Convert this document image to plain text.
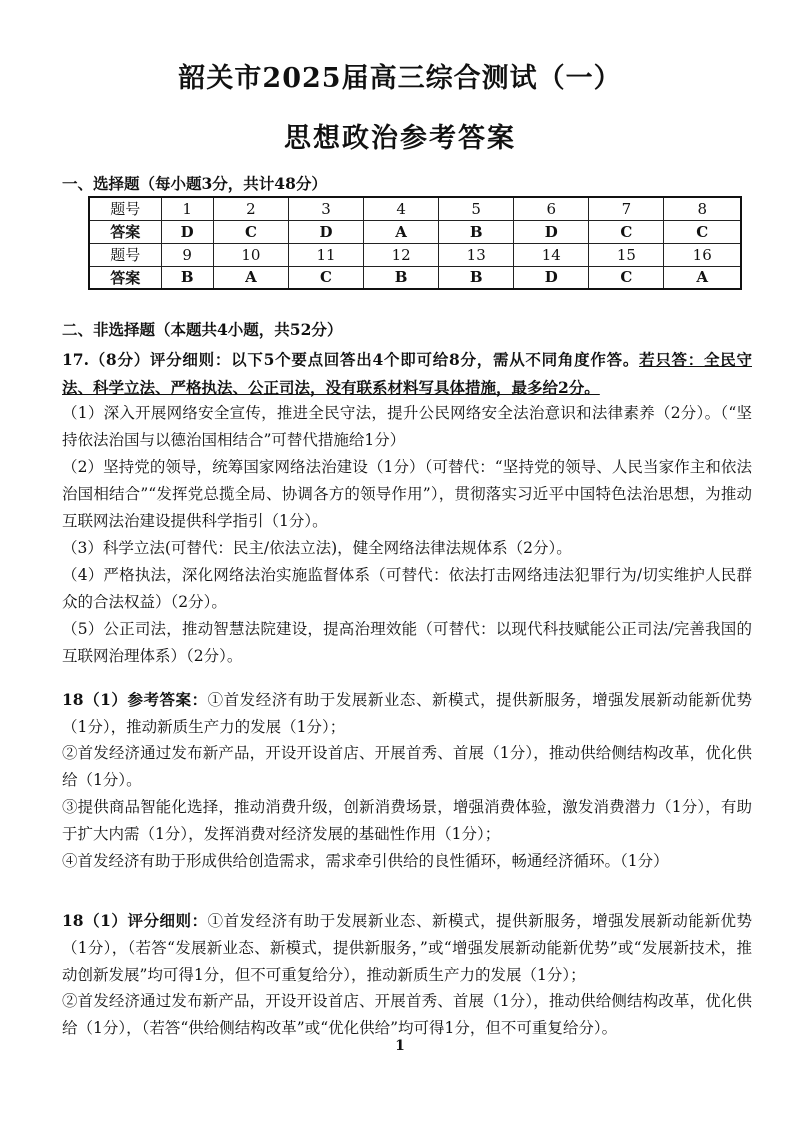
韶关市2025届高三综合测试（一）
思想政治参考答案
一、选择题（每小题3分，共计48分）
题号	1	2	3	4	5	6	7	8
答案	D	C	D	A	B	D	C	C
题号	9	10	11	12	13	14	15	16
答案	B	A	C	B	B	D	C	A
二、非选择题（本题共4小题，共52分）
17.（8分）评分细则：以下5个要点回答出4个即可给8分，需从不同角度作答。若只答：全民守法、科学立法、严格执法、公正司法，没有联系材料写具体措施，最多给2分。
（1）深入开展网络安全宣传，推进全民守法，提升公民网络安全法治意识和法律素养（2分）。（“坚持依法治国与以德治国相结合”可替代措施给1分）
（2）坚持党的领导，统筹国家网络法治建设（1分）（可替代：“坚持党的领导、人民当家作主和依法治国相结合”“发挥党总揽全局、协调各方的领导作用”），贯彻落实习近平中国特色法治思想，为推动互联网法治建设提供科学指引（1分）。
（3）科学立法(可替代：民主/依法立法)，健全网络法律法规体系（2分）。
（4）严格执法，深化网络法治实施监督体系（可替代：依法打击网络违法犯罪行为/切实维护人民群众的合法权益）（2分）。
（5）公正司法，推动智慧法院建设，提高治理效能（可替代：以现代科技赋能公正司法/完善我国的互联网治理体系）（2分）。
18（1）参考答案：①首发经济有助于发展新业态、新模式，提供新服务，增强发展新动能新优势（1分），推动新质生产力的发展（1分）；
②首发经济通过发布新产品，开设开设首店、开展首秀、首展（1分），推动供给侧结构改革，优化供给（1分）。
③提供商品智能化选择，推动消费升级，创新消费场景，增强消费体验，激发消费潜力（1分），有助于扩大内需（1分），发挥消费对经济发展的基础性作用（1分）；
④首发经济有助于形成供给创造需求，需求牵引供给的良性循环，畅通经济循环。（1分）
18（1）评分细则：①首发经济有助于发展新业态、新模式，提供新服务，增强发展新动能新优势（1分），（若答“发展新业态、新模式，提供新服务，”或“增强发展新动能新优势”或“发展新技术，推动创新发展”均可得1分，但不可重复给分），推动新质生产力的发展（1分）；
②首发经济通过发布新产品，开设开设首店、开展首秀、首展（1分），推动供给侧结构改革，优化供给（1分），（若答“供给侧结构改革”或“优化供给”均可得1分，但不可重复给分）。
1
